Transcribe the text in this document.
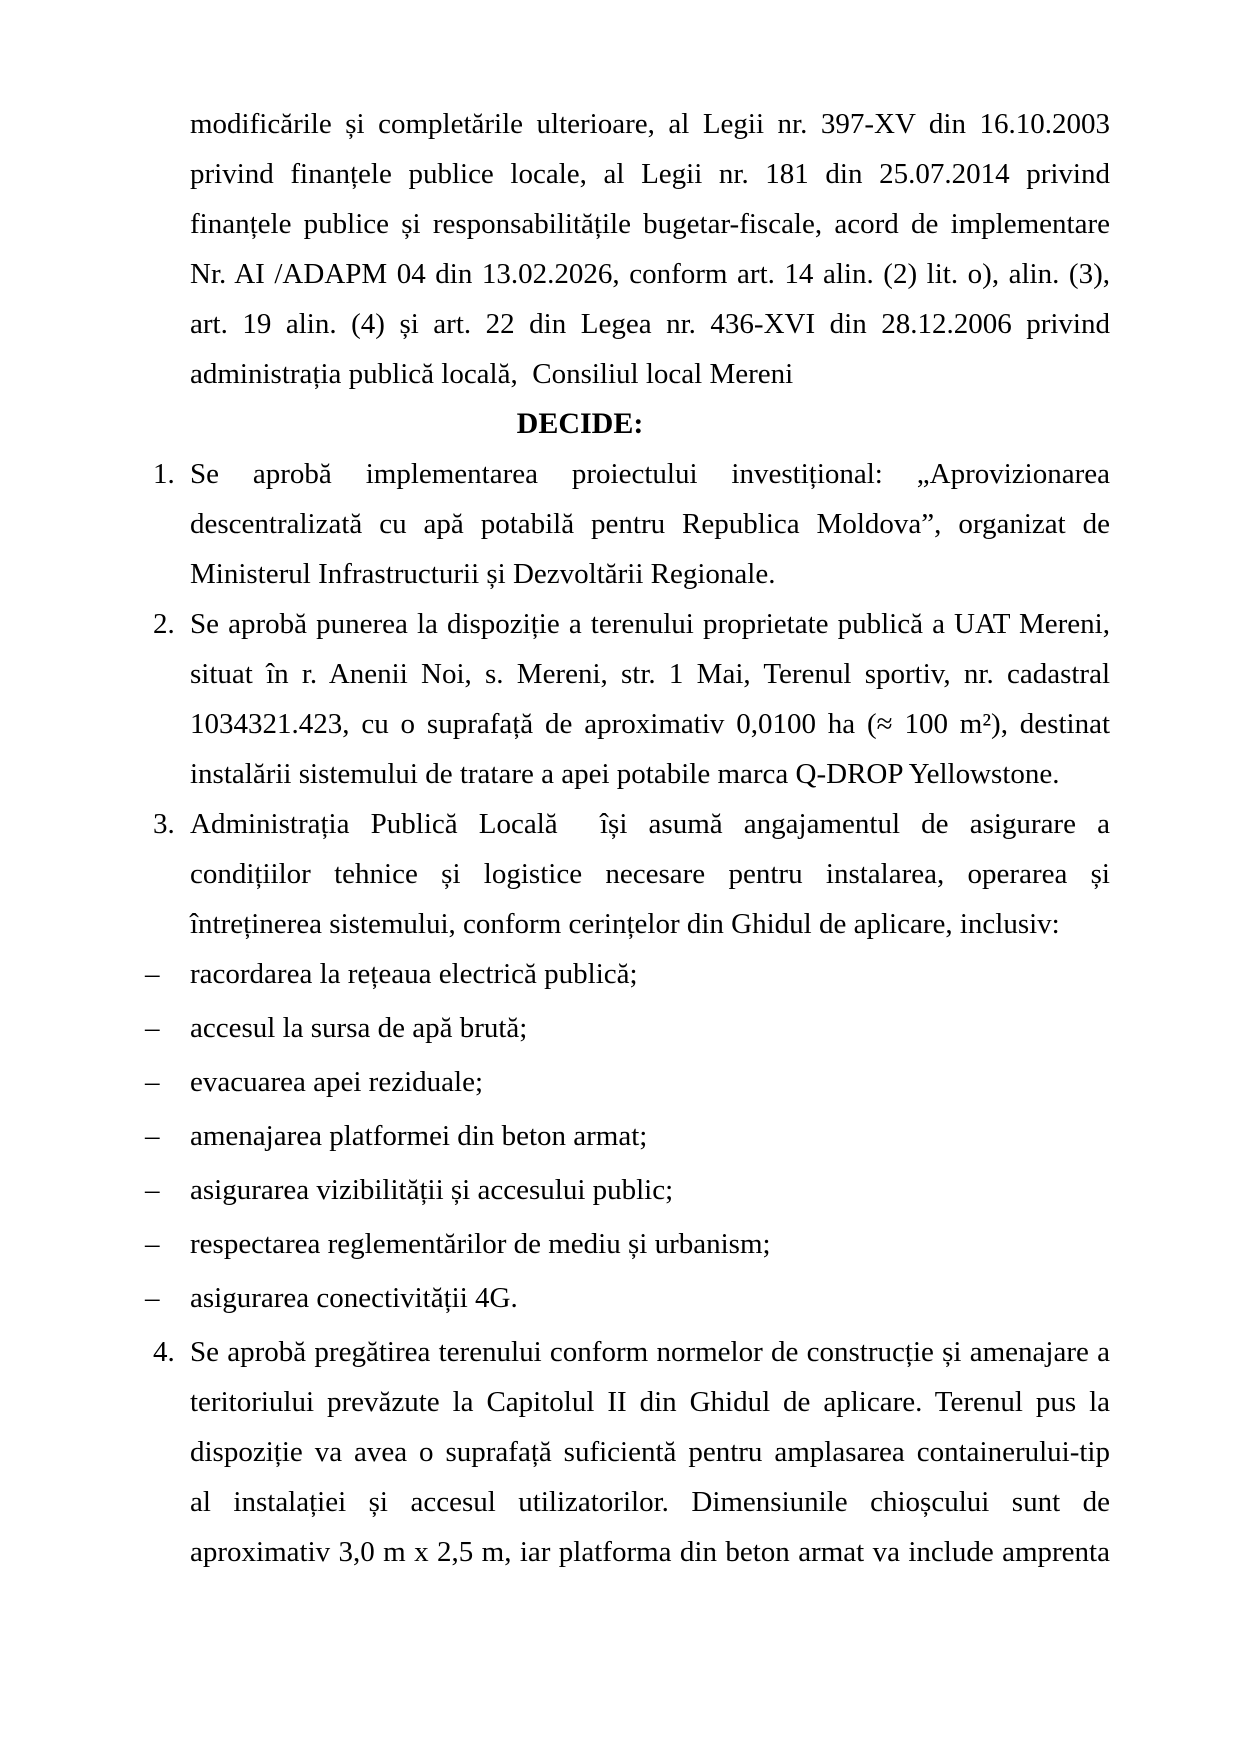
modificările și completările ulterioare, al Legii nr. 397-XV din 16.10.2003
privind finanțele publice locale, al Legii nr. 181 din 25.07.2014 privind
finanțele publice și responsabilitățile bugetar-fiscale, acord de implementare
Nr. AI /ADAPM 04 din 13.02.2026, conform art. 14 alin. (2) lit. o), alin. (3),
art. 19 alin. (4) și art. 22 din Legea nr. 436-XVI din 28.12.2006 privind
administrația publică locală,  Consiliul local Mereni
DECIDE:
1. Se aprobă implementarea proiectului investițional: „Aprovizionarea
descentralizată cu apă potabilă pentru Republica Moldova”, organizat de
Ministerul Infrastructurii și Dezvoltării Regionale.
2. Se aprobă punerea la dispoziție a terenului proprietate publică a UAT Mereni,
situat în r. Anenii Noi, s. Mereni, str. 1 Mai, Terenul sportiv, nr. cadastral
1034321.423, cu o suprafață de aproximativ 0,0100 ha (≈ 100 m²), destinat
instalării sistemului de tratare a apei potabile marca Q-DROP Yellowstone.
3. Administrația Publică Locală  își asumă angajamentul de asigurare a
condițiilor tehnice și logistice necesare pentru instalarea, operarea și
întreținerea sistemului, conform cerințelor din Ghidul de aplicare, inclusiv:
– racordarea la rețeaua electrică publică;
– accesul la sursa de apă brută;
– evacuarea apei reziduale;
– amenajarea platformei din beton armat;
– asigurarea vizibilității și accesului public;
– respectarea reglementărilor de mediu și urbanism;
– asigurarea conectivității 4G.
4. Se aprobă pregătirea terenului conform normelor de construcție și amenajare a
teritoriului prevăzute la Capitolul II din Ghidul de aplicare. Terenul pus la
dispoziție va avea o suprafață suficientă pentru amplasarea containerului-tip
al instalației și accesul utilizatorilor. Dimensiunile chioșcului sunt de
aproximativ 3,0 m x 2,5 m, iar platforma din beton armat va include amprenta
